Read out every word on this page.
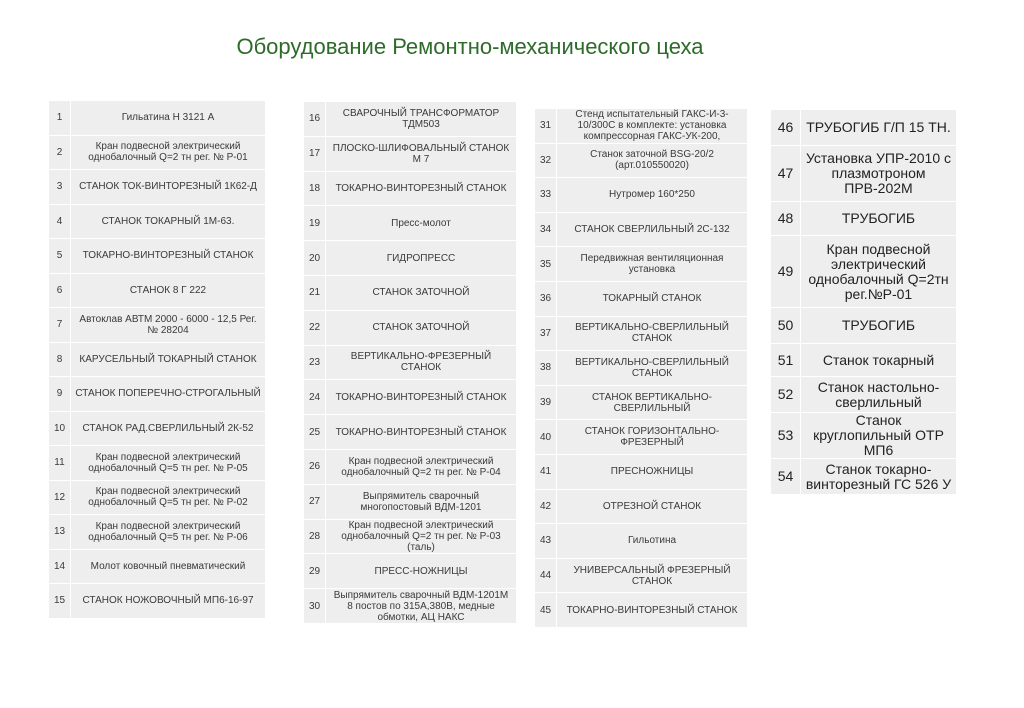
Оборудование Ремонтно-механического цеха
1	Гильатина Н 3121 А
2	Кран подвесной электрический однобалочный Q=2 тн рег. № Р-01
3	СТАНОК ТОК-ВИНТОРЕЗНЫЙ 1К62-Д
4	СТАНОК ТОКАРНЫЙ 1М-63.
5	ТОКАРНО-ВИНТОРЕЗНЫЙ СТАНОК
6	СТАНОК 8 Г 222
7	Автоклав АВТМ 2000 - 6000 - 12,5 Рег. № 28204
8	КАРУСЕЛЬНЫЙ ТОКАРНЫЙ СТАНОК
9	СТАНОК ПОПЕРЕЧНО-СТРОГАЛЬНЫЙ
10	СТАНОК РАД.СВЕРЛИЛЬНЫЙ 2К-52
11	Кран подвесной электрический однобалочный Q=5 тн рег. № Р-05
12	Кран подвесной электрический однобалочный Q=5 тн рег. № Р-02
13	Кран подвесной электрический однобалочный Q=5 тн рег. № Р-06
14	Молот ковочный пневматический
15	СТАНОК НОЖОВОЧНЫЙ МП6-16-97
16	СВАРОЧНЫЙ ТРАНСФОРМАТОР ТДМ503
17	ПЛОСКО-ШЛИФОВАЛЬНЫЙ СТАНОК М 7
18	ТОКАРНО-ВИНТОРЕЗНЫЙ СТАНОК
19	Пресс-молот
20	ГИДРОПРЕСС
21	СТАНОК ЗАТОЧНОЙ
22	СТАНОК ЗАТОЧНОЙ
23	ВЕРТИКАЛЬНО-ФРЕЗЕРНЫЙ СТАНОК
24	ТОКАРНО-ВИНТОРЕЗНЫЙ СТАНОК
25	ТОКАРНО-ВИНТОРЕЗНЫЙ СТАНОК
26	Кран подвесной электрический однобалочный Q=2 тн рег. № Р-04
27	Выпрямитель сварочный многопостовый ВДМ-1201
28	Кран подвесной электрический однобалочный Q=2 тн рег. № Р-03 (таль)
29	ПРЕСС-НОЖНИЦЫ
30	Выпрямитель сварочный ВДМ-1201М 8 постов по 315А,380В, медные обмотки, АЦ НАКС
31	Стенд испытательный ГАКС-И-3-10/300С в комплекте: установка компрессорная ГАКС-УК-200,
32	Станок заточной BSG-20/2 (арт.010550020)
33	Нутромер 160*250
34	СТАНОК СВЕРЛИЛЬНЫЙ 2С-132
35	Передвижная вентиляционная установка
36	ТОКАРНЫЙ СТАНОК
37	ВЕРТИКАЛЬНО-СВЕРЛИЛЬНЫЙ СТАНОК
38	ВЕРТИКАЛЬНО-СВЕРЛИЛЬНЫЙ СТАНОК
39	СТАНОК ВЕРТИКАЛЬНО-СВЕРЛИЛЬНЫЙ
40	СТАНОК ГОРИЗОНТАЛЬНО-ФРЕЗЕРНЫЙ
41	ПРЕСНОЖНИЦЫ
42	ОТРЕЗНОЙ СТАНОК
43	Гильотина
44	УНИВЕРСАЛЬНЫЙ ФРЕЗЕРНЫЙ СТАНОК
45	ТОКАРНО-ВИНТОРЕЗНЫЙ СТАНОК
46	ТРУБОГИБ Г/П 15 ТН.
47	Установка УПР-2010 с плазмотроном ПРВ-202М
48	ТРУБОГИБ
49	Кран подвесной электрический однобалочный Q=2тн рег.№Р-01
50	ТРУБОГИБ
51	Станок токарный
52	Станок настольно-сверлильный
53	Станок круглопильный ОТР МП6
54	Станок токарно-винторезный ГС 526 У
